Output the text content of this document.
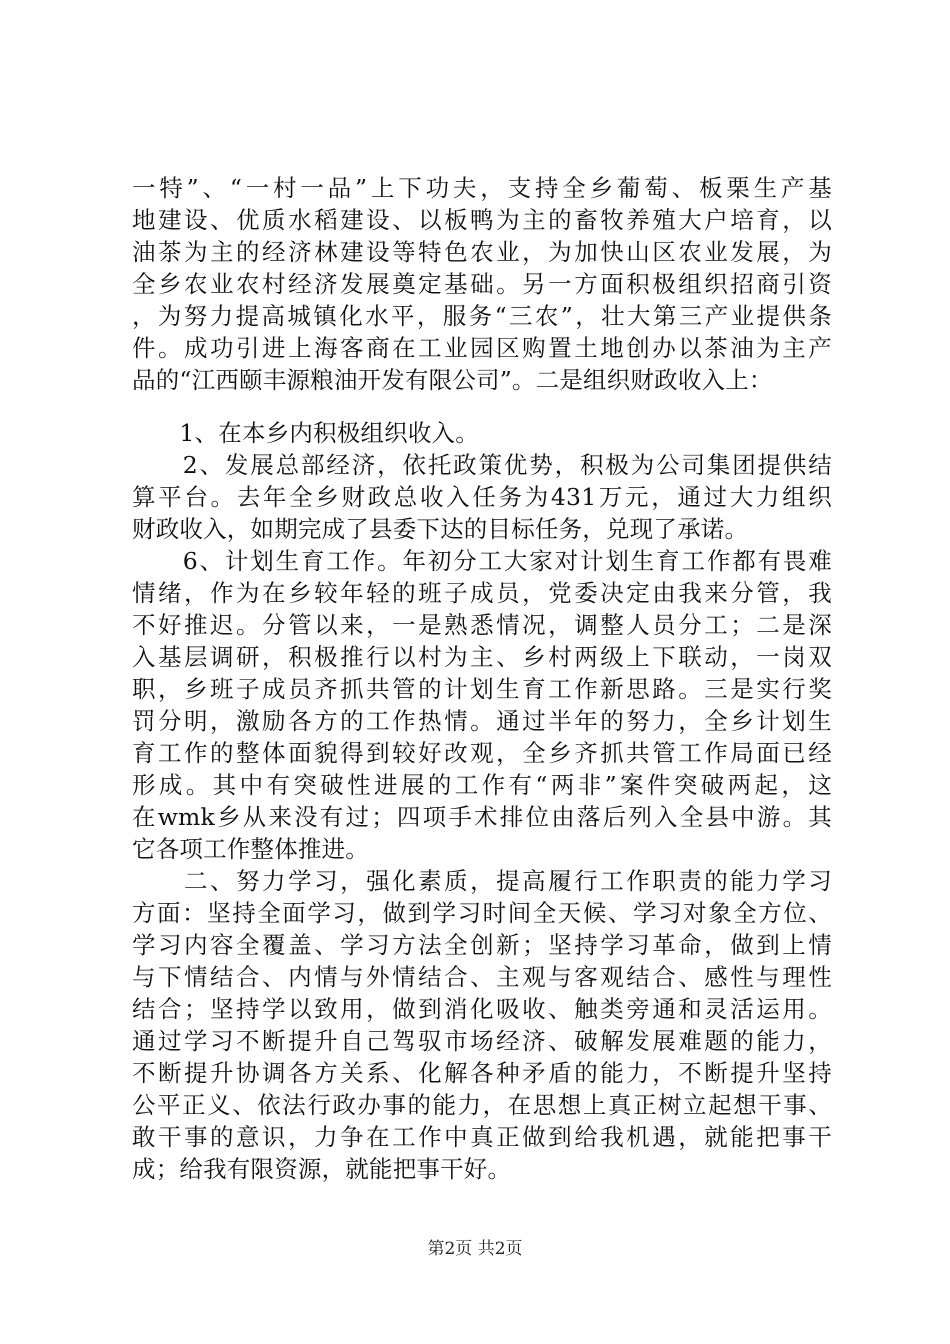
一特”、“一村一品”上下功夫，支持全乡葡萄、板栗生产基
地建设、优质水稻建设、以板鸭为主的畜牧养殖大户培育，以
油茶为主的经济林建设等特色农业，为加快山区农业发展，为
全乡农业农村经济发展奠定基础。另一方面积极组织招商引资
，为努力提高城镇化水平，服务“三农”，壮大第三产业提供条
件。成功引进上海客商在工业园区购置土地创办以茶油为主产
品的“江西颐丰源粮油开发有限公司”。二是组织财政收入上：
　　1、在本乡内积极组织收入。
　　2、发展总部经济，依托政策优势，积极为公司集团提供结
算平台。去年全乡财政总收入任务为431万元，通过大力组织
财政收入，如期完成了县委下达的目标任务，兑现了承诺。
　　6、计划生育工作。年初分工大家对计划生育工作都有畏难
情绪，作为在乡较年轻的班子成员，党委决定由我来分管，我
不好推迟。分管以来，一是熟悉情况，调整人员分工；二是深
入基层调研，积极推行以村为主、乡村两级上下联动，一岗双
职，乡班子成员齐抓共管的计划生育工作新思路。三是实行奖
罚分明，激励各方的工作热情。通过半年的努力，全乡计划生
育工作的整体面貌得到较好改观，全乡齐抓共管工作局面已经
形成。其中有突破性进展的工作有“两非”案件突破两起，这
在wmk乡从来没有过；四项手术排位由落后列入全县中游。其
它各项工作整体推进。
　　二、努力学习，强化素质，提高履行工作职责的能力学习
方面：坚持全面学习，做到学习时间全天候、学习对象全方位、
学习内容全覆盖、学习方法全创新；坚持学习革命，做到上情
与下情结合、内情与外情结合、主观与客观结合、感性与理性
结合；坚持学以致用，做到消化吸收、触类旁通和灵活运用。
通过学习不断提升自己驾驭市场经济、破解发展难题的能力，
不断提升协调各方关系、化解各种矛盾的能力，不断提升坚持
公平正义、依法行政办事的能力，在思想上真正树立起想干事、
敢干事的意识，力争在工作中真正做到给我机遇，就能把事干
成；给我有限资源，就能把事干好。
第2页 共2页
